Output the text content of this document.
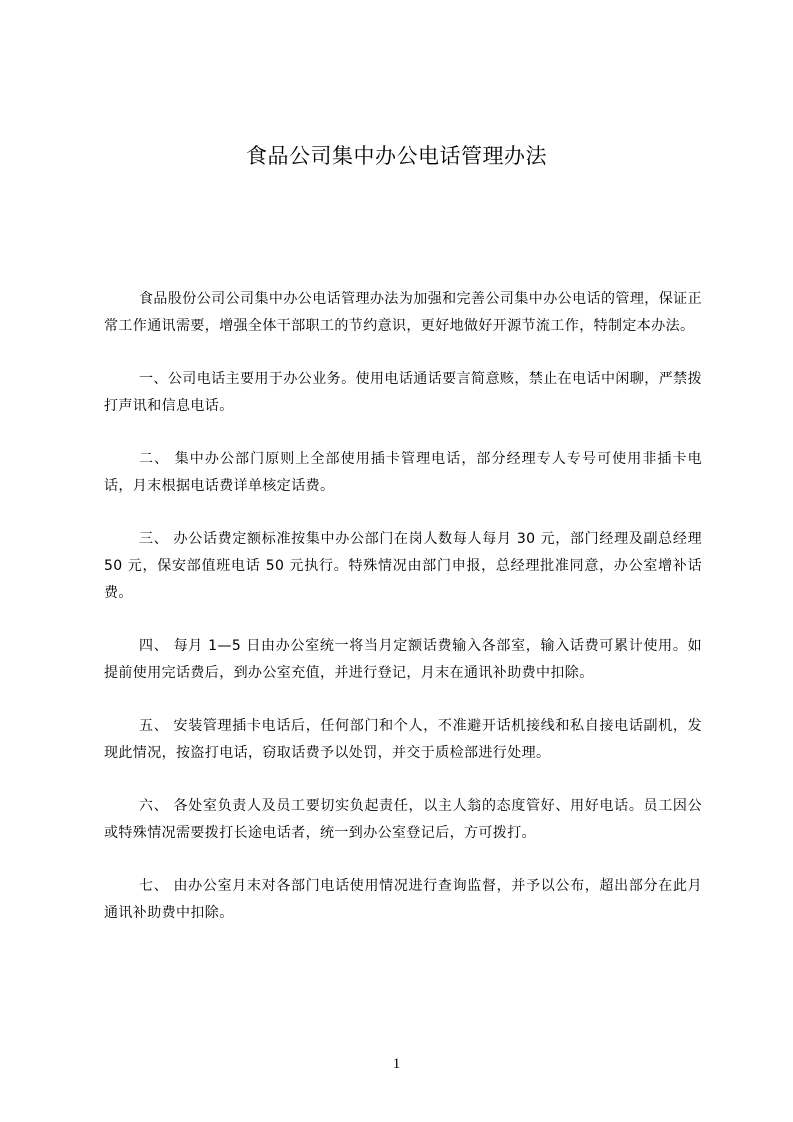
食品公司集中办公电话管理办法

食品股份公司公司集中办公电话管理办法为加强和完善公司集中办公电话的管理，保证正常工作通讯需要，增强全体干部职工的节约意识，更好地做好开源节流工作，特制定本办法。

一、公司电话主要用于办公业务。使用电话通话要言简意赅，禁止在电话中闲聊，严禁拨打声讯和信息电话。

二、 集中办公部门原则上全部使用插卡管理电话，部分经理专人专号可使用非插卡电话，月末根据电话费详单核定话费。

三、 办公话费定额标准按集中办公部门在岗人数每人每月 30 元，部门经理及副总经理 50 元，保安部值班电话 50 元执行。特殊情况由部门申报，总经理批准同意，办公室增补话费。

四、 每月 1—5 日由办公室统一将当月定额话费输入各部室，输入话费可累计使用。如提前使用完话费后，到办公室充值，并进行登记，月末在通讯补助费中扣除。

五、 安装管理插卡电话后，任何部门和个人，不准避开话机接线和私自接电话副机，发现此情况，按盗打电话，窃取话费予以处罚，并交于质检部进行处理。

六、 各处室负责人及员工要切实负起责任，以主人翁的态度管好、用好电话。员工因公或特殊情况需要拨打长途电话者，统一到办公室登记后，方可拨打。

七、 由办公室月末对各部门电话使用情况进行查询监督，并予以公布，超出部分在此月通讯补助费中扣除。

1
